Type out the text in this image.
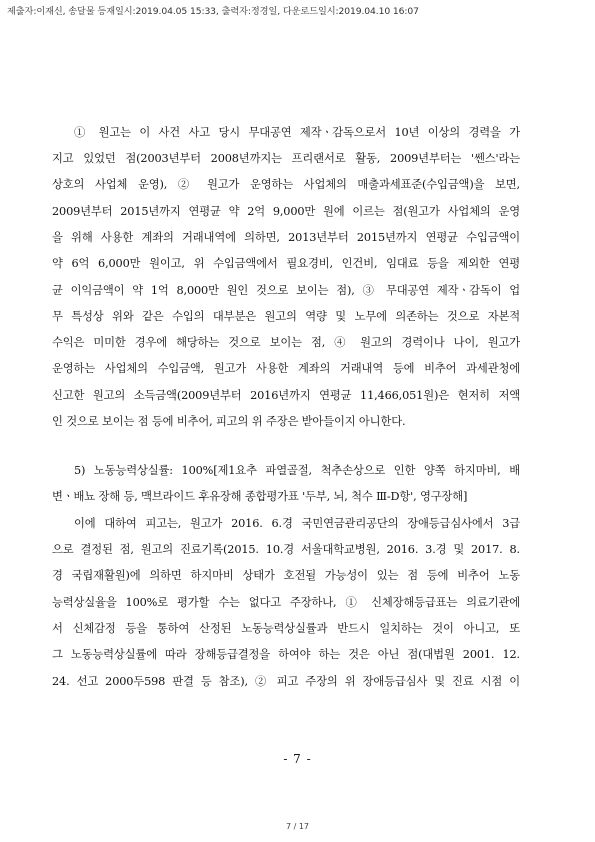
제출자:이재신, 송달물 등재일시:2019.04.05 15:33, 출력자:정경일, 다운로드일시:2019.04.10 16:07
① 원고는 이 사건 사고 당시 무대공연 제작ㆍ감독으로서 10년 이상의 경력을 가
지고 있었던 점(2003년부터 2008년까지는 프리랜서로 활동, 2009년부터는 '쎈스'라는
상호의 사업체 운영), ② 원고가 운영하는 사업체의 매출과세표준(수입금액)을 보면,
2009년부터 2015년까지 연평균 약 2억 9,000만 원에 이르는 점(원고가 사업체의 운영
을 위해 사용한 계좌의 거래내역에 의하면, 2013년부터 2015년까지 연평균 수입금액이
약 6억 6,000만 원이고, 위 수입금액에서 필요경비, 인건비, 임대료 등을 제외한 연평
균 이익금액이 약 1억 8,000만 원인 것으로 보이는 점), ③ 무대공연 제작ㆍ감독이 업
무 특성상 위와 같은 수입의 대부분은 원고의 역량 및 노무에 의존하는 것으로 자본적
수익은 미미한 경우에 해당하는 것으로 보이는 점, ④ 원고의 경력이나 나이, 원고가
운영하는 사업체의 수입금액, 원고가 사용한 계좌의 거래내역 등에 비추어 과세관청에
신고한 원고의 소득금액(2009년부터 2016년까지 연평균 11,466,051원)은 현저히 저액
인 것으로 보이는 점 등에 비추어, 피고의 위 주장은 받아들이지 아니한다.
5) 노동능력상실률: 100%[제1요추 파열골절, 척추손상으로 인한 양쪽 하지마비, 배
변ㆍ배뇨 장해 등, 맥브라이드 후유장해 종합평가표 '두부, 뇌, 척수 Ⅲ-D항', 영구장해]
이에 대하여 피고는, 원고가 2016. 6.경 국민연금관리공단의 장애등급심사에서 3급
으로 결정된 점, 원고의 진료기록(2015. 10.경 서울대학교병원, 2016. 3.경 및 2017. 8.
경 국립재활원)에 의하면 하지마비 상태가 호전될 가능성이 있는 점 등에 비추어 노동
능력상실율을 100%로 평가할 수는 없다고 주장하나, ① 신체장해등급표는 의료기관에
서 신체감정 등을 통하여 산정된 노동능력상실률과 반드시 일치하는 것이 아니고, 또
그 노동능력상실률에 따라 장해등급결정을 하여야 하는 것은 아닌 점(대법원 2001. 12.
24. 선고 2000두598 판결 등 참조), ② 피고 주장의 위 장애등급심사 및 진료 시점 이
- 7 -
7 / 17
